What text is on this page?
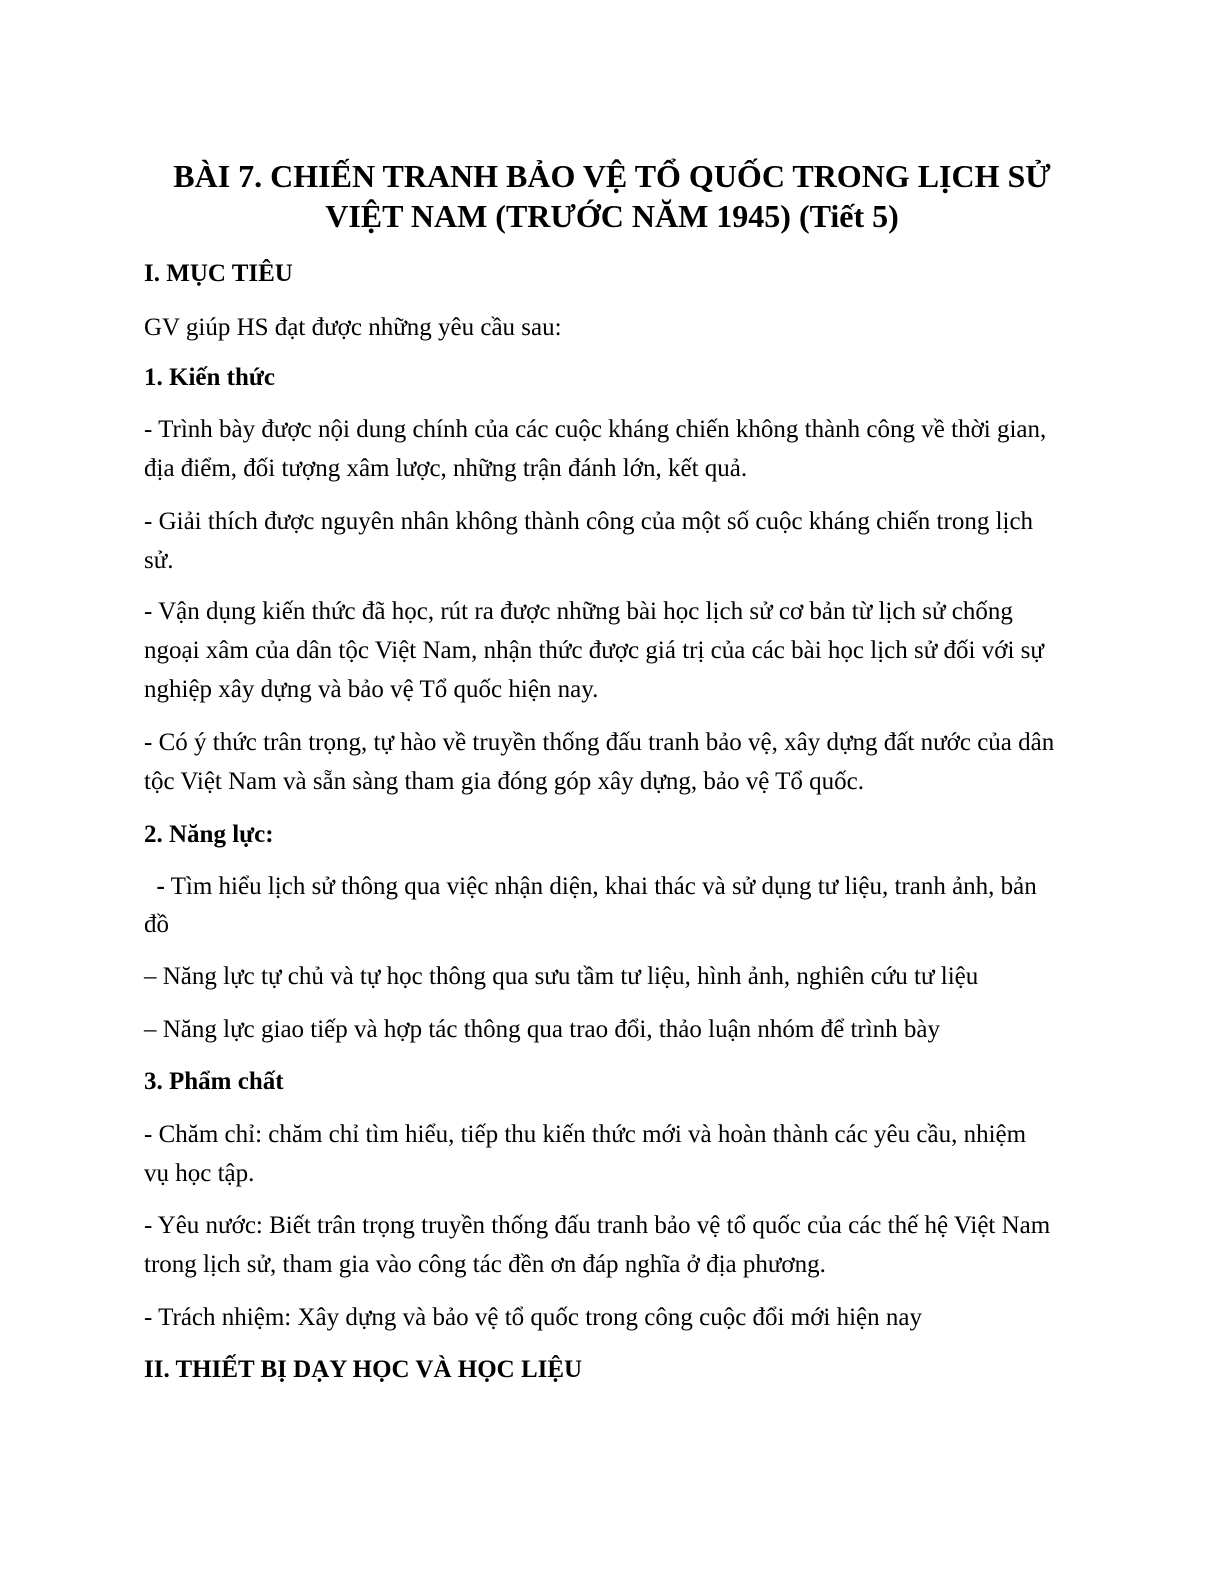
BÀI 7. CHIẾN TRANH BẢO VỆ TỔ QUỐC TRONG LỊCH SỬ
VIỆT NAM (TRƯỚC NĂM 1945) (Tiết 5)

I. MỤC TIÊU

GV giúp HS đạt được những yêu cầu sau:

1. Kiến thức

- Trình bày được nội dung chính của các cuộc kháng chiến không thành công về thời gian,

địa điểm, đối tượng xâm lược, những trận đánh lớn, kết quả.

- Giải thích được nguyên nhân không thành công của một số cuộc kháng chiến trong lịch

sử.

- Vận dụng kiến thức đã học, rút ra được những bài học lịch sử cơ bản từ lịch sử chống

ngoại xâm của dân tộc Việt Nam, nhận thức được giá trị của các bài học lịch sử đối với sự

nghiệp xây dựng và bảo vệ Tổ quốc hiện nay.

- Có ý thức trân trọng, tự hào về truyền thống đấu tranh bảo vệ, xây dựng đất nước của dân

tộc Việt Nam và sẵn sàng tham gia đóng góp xây dựng, bảo vệ Tổ quốc.

2. Năng lực:

- Tìm hiểu lịch sử thông qua việc nhận diện, khai thác và sử dụng tư liệu, tranh ảnh, bản

đồ

– Năng lực tự chủ và tự học thông qua sưu tầm tư liệu, hình ảnh, nghiên cứu tư liệu

– Năng lực giao tiếp và hợp tác thông qua trao đổi, thảo luận nhóm để trình bày

3. Phẩm chất

- Chăm chỉ: chăm chỉ tìm hiểu, tiếp thu kiến thức mới và hoàn thành các yêu cầu, nhiệm

vụ học tập.

- Yêu nước: Biết trân trọng truyền thống đấu tranh bảo vệ tổ quốc của các thế hệ Việt Nam

trong lịch sử, tham gia vào công tác đền ơn đáp nghĩa ở địa phương.

- Trách nhiệm: Xây dựng và bảo vệ tổ quốc trong công cuộc đổi mới hiện nay

II. THIẾT BỊ DẠY HỌC VÀ HỌC LIỆU
